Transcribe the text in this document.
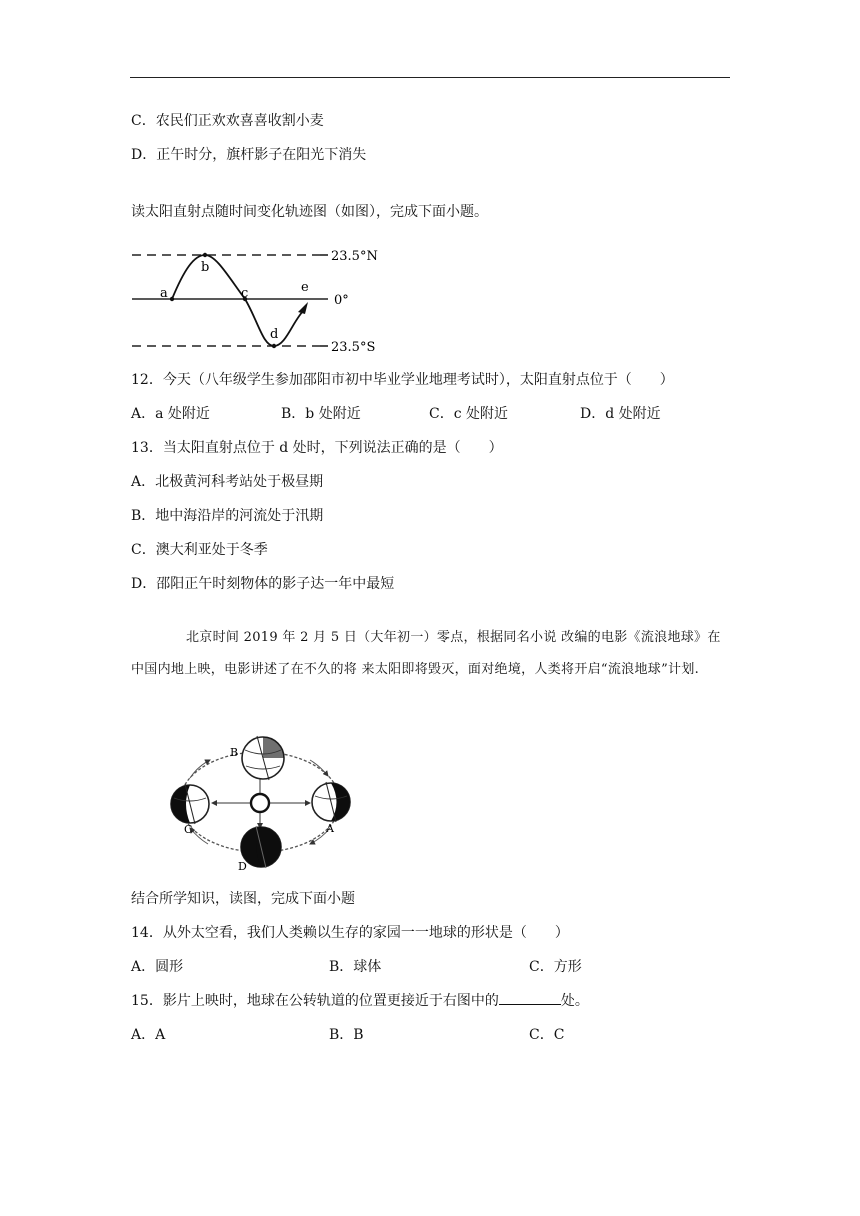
C．农民们正欢欢喜喜收割小麦
D．正午时分，旗杆影子在阳光下消失
读太阳直射点随时间变化轨迹图（如图），完成下面小题。
a
b
c
d
e
23.5°N
0°
23.5°S
12．今天（八年级学生参加邵阳市初中毕业学业地理考试时），太阳直射点位于（　　）
A．a 处附近	B．b 处附近	C．c 处附近	D．d 处附近
13．当太阳直射点位于 d 处时，下列说法正确的是（　　）
A．北极黄河科考站处于极昼期
B．地中海沿岸的河流处于汛期
C．澳大利亚处于冬季
D．邵阳正午时刻物体的影子达一年中最短
北京时间 2019 年 2 月 5 日（大年初一）零点，根据同名小说 改编的电影《流浪地球》在中国内地上映，电影讲述了在不久的将 来太阳即将毁灭，面对绝境，人类将开启“流浪地球”计划.
B
C	A
D
结合所学知识，读图，完成下面小题
14．从外太空看，我们人类赖以生存的家园一一地球的形状是（　　）
A．圆形	B．球体	C．方形
15．影片上映时，地球在公转轨道的位置更接近于右图中的	处。
A．A	B．B	C．C
